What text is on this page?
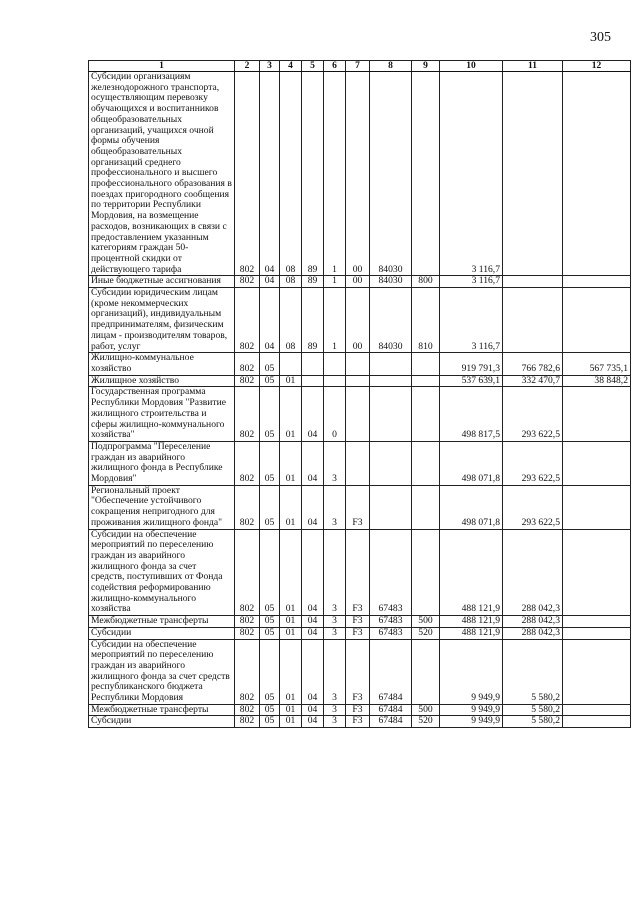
305
1	2	3	4	5	6	7	8	9	10	11	12
Субсидии организациям железнодорожного транспорта, осуществляющим перевозку обучающихся и воспитанников общеобразовательных организаций, учащихся очной формы обучения общеобразовательных организаций среднего профессионального и высшего профессионального образования в поездах пригородного сообщения по территории Республики Мордовия, на возмещение расходов, возникающих в связи с предоставлением указанным категориям граждан 50-процентной скидки от действующего тарифа	802	04	08	89	1	00	84030		3 116,7		
Иные бюджетные ассигнования	802	04	08	89	1	00	84030	800	3 116,7		
Субсидии юридическим лицам (кроме некоммерческих организаций), индивидуальным предпринимателям, физическим лицам - производителям товаров, работ, услуг	802	04	08	89	1	00	84030	810	3 116,7		
Жилищно-коммунальное хозяйство	802	05							919 791,3	766 782,6	567 735,1
Жилищное хозяйство	802	05	01						537 639,1	332 470,7	38 848,2
Государственная программа Республики Мордовия "Развитие жилищного строительства и сферы жилищно-коммунального хозяйства"	802	05	01	04	0				498 817,5	293 622,5	
Подпрограмма "Переселение граждан из аварийного жилищного фонда в Республике Мордовия"	802	05	01	04	3				498 071,8	293 622,5	
Региональный проект "Обеспечение устойчивого сокращения непригодного для проживания жилищного фонда"	802	05	01	04	3	F3			498 071,8	293 622,5	
Субсидии на обеспечение мероприятий по переселению граждан из аварийного жилищного фонда за счет средств, поступивших от Фонда содействия реформированию жилищно-коммунального хозяйства	802	05	01	04	3	F3	67483		488 121,9	288 042,3	
Межбюджетные трансферты	802	05	01	04	3	F3	67483	500	488 121,9	288 042,3	
Субсидии	802	05	01	04	3	F3	67483	520	488 121,9	288 042,3	
Субсидии на обеспечение мероприятий по переселению граждан из аварийного жилищного фонда за счет средств республиканского бюджета Республики Мордовия	802	05	01	04	3	F3	67484		9 949,9	5 580,2	
Межбюджетные трансферты	802	05	01	04	3	F3	67484	500	9 949,9	5 580,2	
Субсидии	802	05	01	04	3	F3	67484	520	9 949,9	5 580,2	
